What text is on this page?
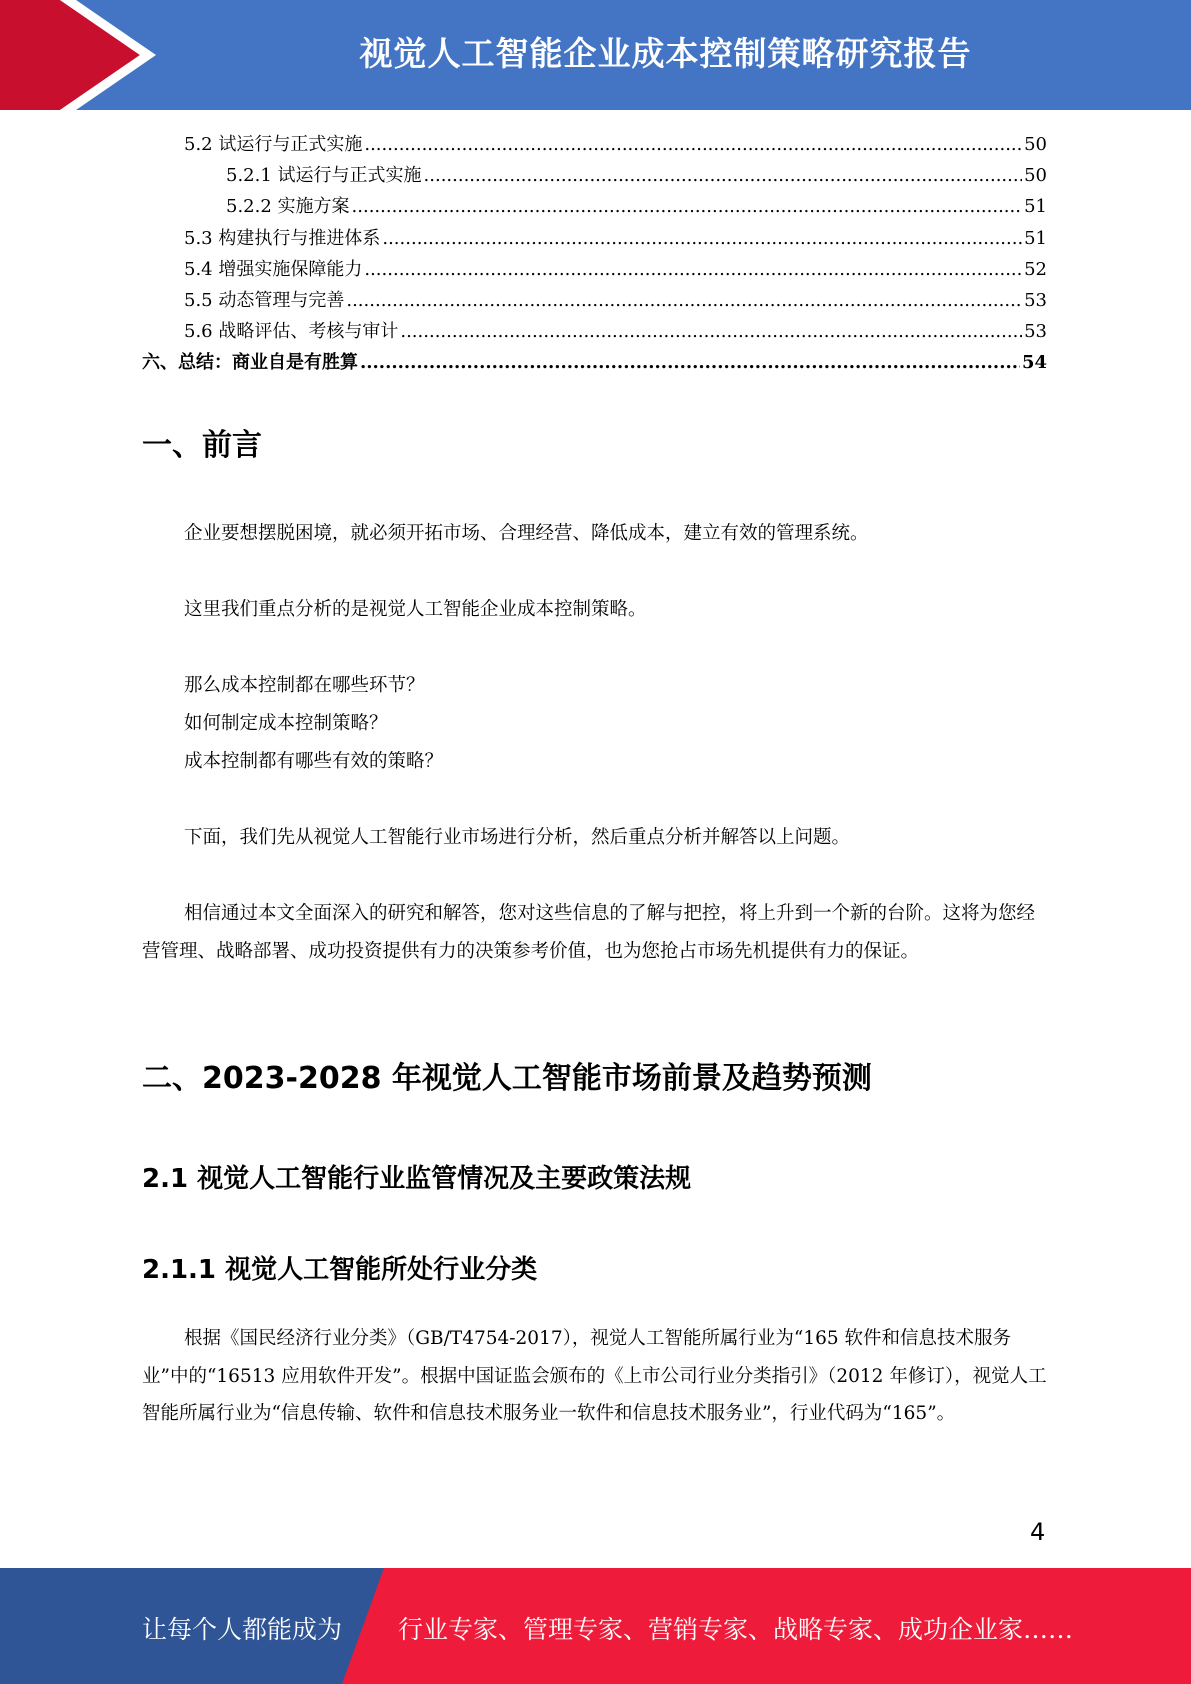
视觉人工智能企业成本控制策略研究报告
5.2 试运行与正式实施 .....	50
5.2.1 试运行与正式实施 .....	50
5.2.2 实施方案 .....	51
5.3 构建执行与推进体系 .....	51
5.4 增强实施保障能力 .....	52
5.5 动态管理与完善 .....	53
5.6 战略评估、考核与审计 .....	53
六、总结：商业自是有胜算 .....	54
一、前言

企业要想摆脱困境，就必须开拓市场、合理经营、降低成本，建立有效的管理系统。

这里我们重点分析的是视觉人工智能企业成本控制策略。

那么成本控制都在哪些环节？

如何制定成本控制策略？

成本控制都有哪些有效的策略？

下面，我们先从视觉人工智能行业市场进行分析，然后重点分析并解答以上问题。

相信通过本文全面深入的研究和解答，您对这些信息的了解与把控，将上升到一个新的台阶。这将为您经营管理、战略部署、成功投资提供有力的决策参考价值，也为您抢占市场先机提供有力的保证。

二、2023-2028 年视觉人工智能市场前景及趋势预测
2.1 视觉人工智能行业监管情况及主要政策法规
2.1.1 视觉人工智能所处行业分类

根据《国民经济行业分类》（GB/T4754-2017），视觉人工智能所属行业为“165 软件和信息技术服务业”中的“16513 应用软件开发”。根据中国证监会颁布的《上市公司行业分类指引》（2012 年修订），视觉人工智能所属行业为“信息传输、软件和信息技术服务业一软件和信息技术服务业”，行业代码为“165”。

4
让每个人都能成为 行业专家、管理专家、营销专家、战略专家、成功企业家……
